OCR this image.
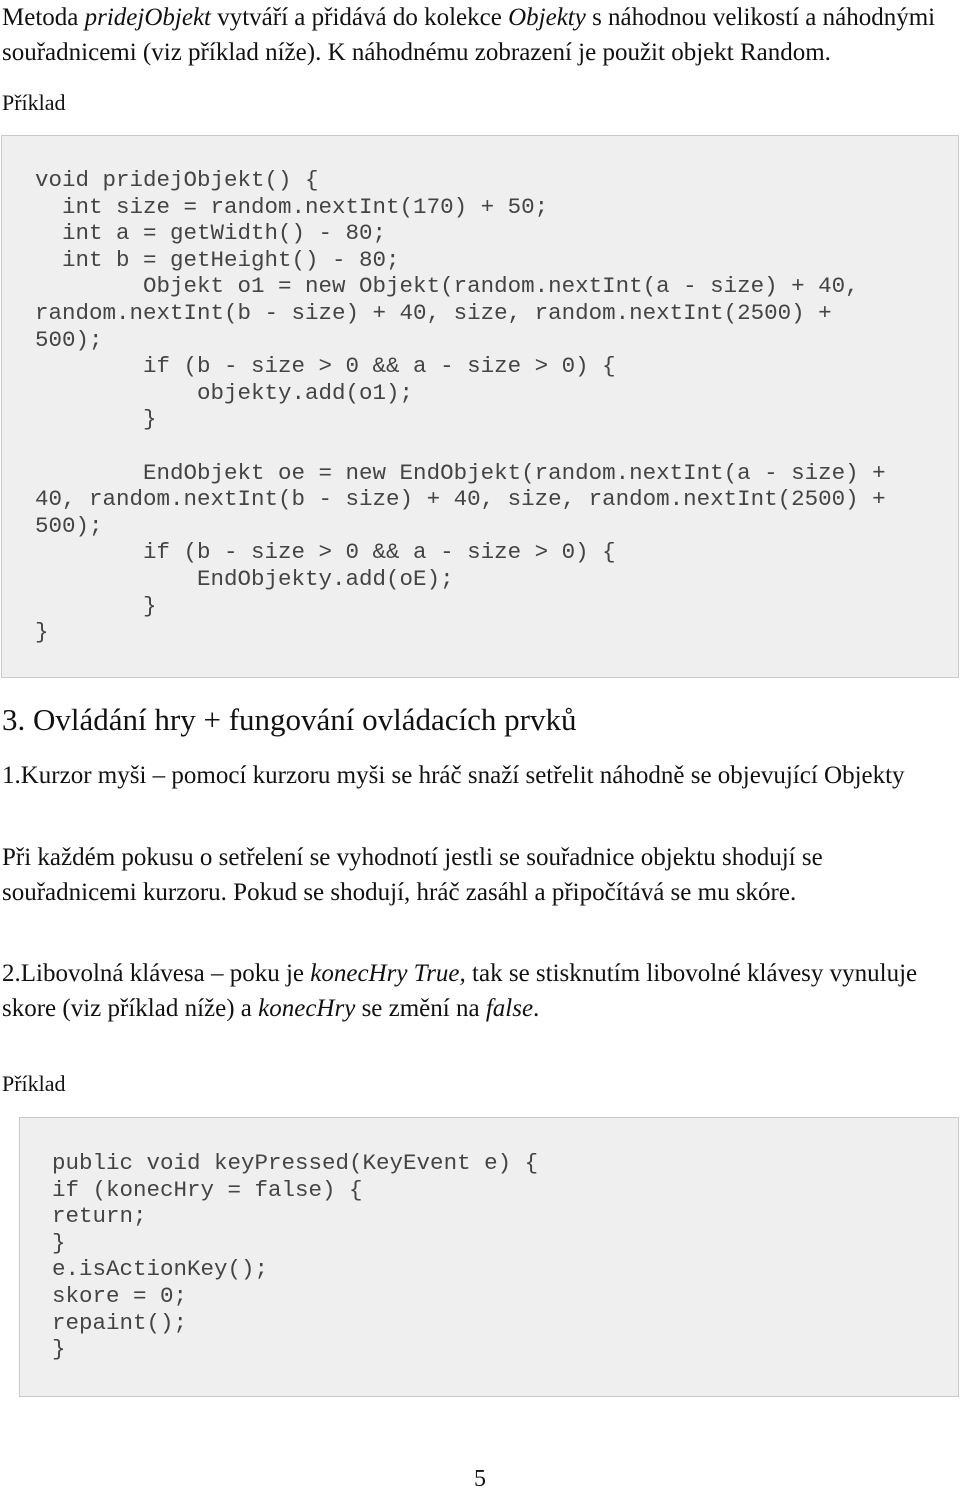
Metoda pridejObjekt vytváří a přidává do kolekce Objekty s náhodnou velikostí a náhodnými souřadnicemi (viz příklad níže). K náhodnému zobrazení je použit objekt Random.

Příklad

void pridejObjekt() {
int size = random.nextInt(170) + 50;
int a = getWidth() - 80;
int b = getHeight() - 80;
Objekt o1 = new Objekt(random.nextInt(a - size) + 40,
random.nextInt(b - size) + 40, size, random.nextInt(2500) +
500);
if (b - size > 0 && a - size > 0) {
objekty.add(o1);
}
EndObjekt oe = new EndObjekt(random.nextInt(a - size) +
40, random.nextInt(b - size) + 40, size, random.nextInt(2500) +
500);
if (b - size > 0 && a - size > 0) {
EndObjekty.add(oE);
}
}

3. Ovládání hry + fungování ovládacích prvků

1.Kurzor myši – pomocí kurzoru myši se hráč snaží setřelit náhodně se objevující Objekty

Při každém pokusu o setřelení se vyhodnotí jestli se souřadnice objektu shodují se souřadnicemi kurzoru. Pokud se shodují, hráč zasáhl a připočítává se mu skóre.

2.Libovolná klávesa – poku je konecHry True, tak se stisknutím libovolné klávesy vynuluje skore (viz příklad níže) a konecHry se změní na false.

Příklad

public void keyPressed(KeyEvent e) {
if (konecHry = false) {
return;
}
e.isActionKey();
skore = 0;
repaint();
}
5
